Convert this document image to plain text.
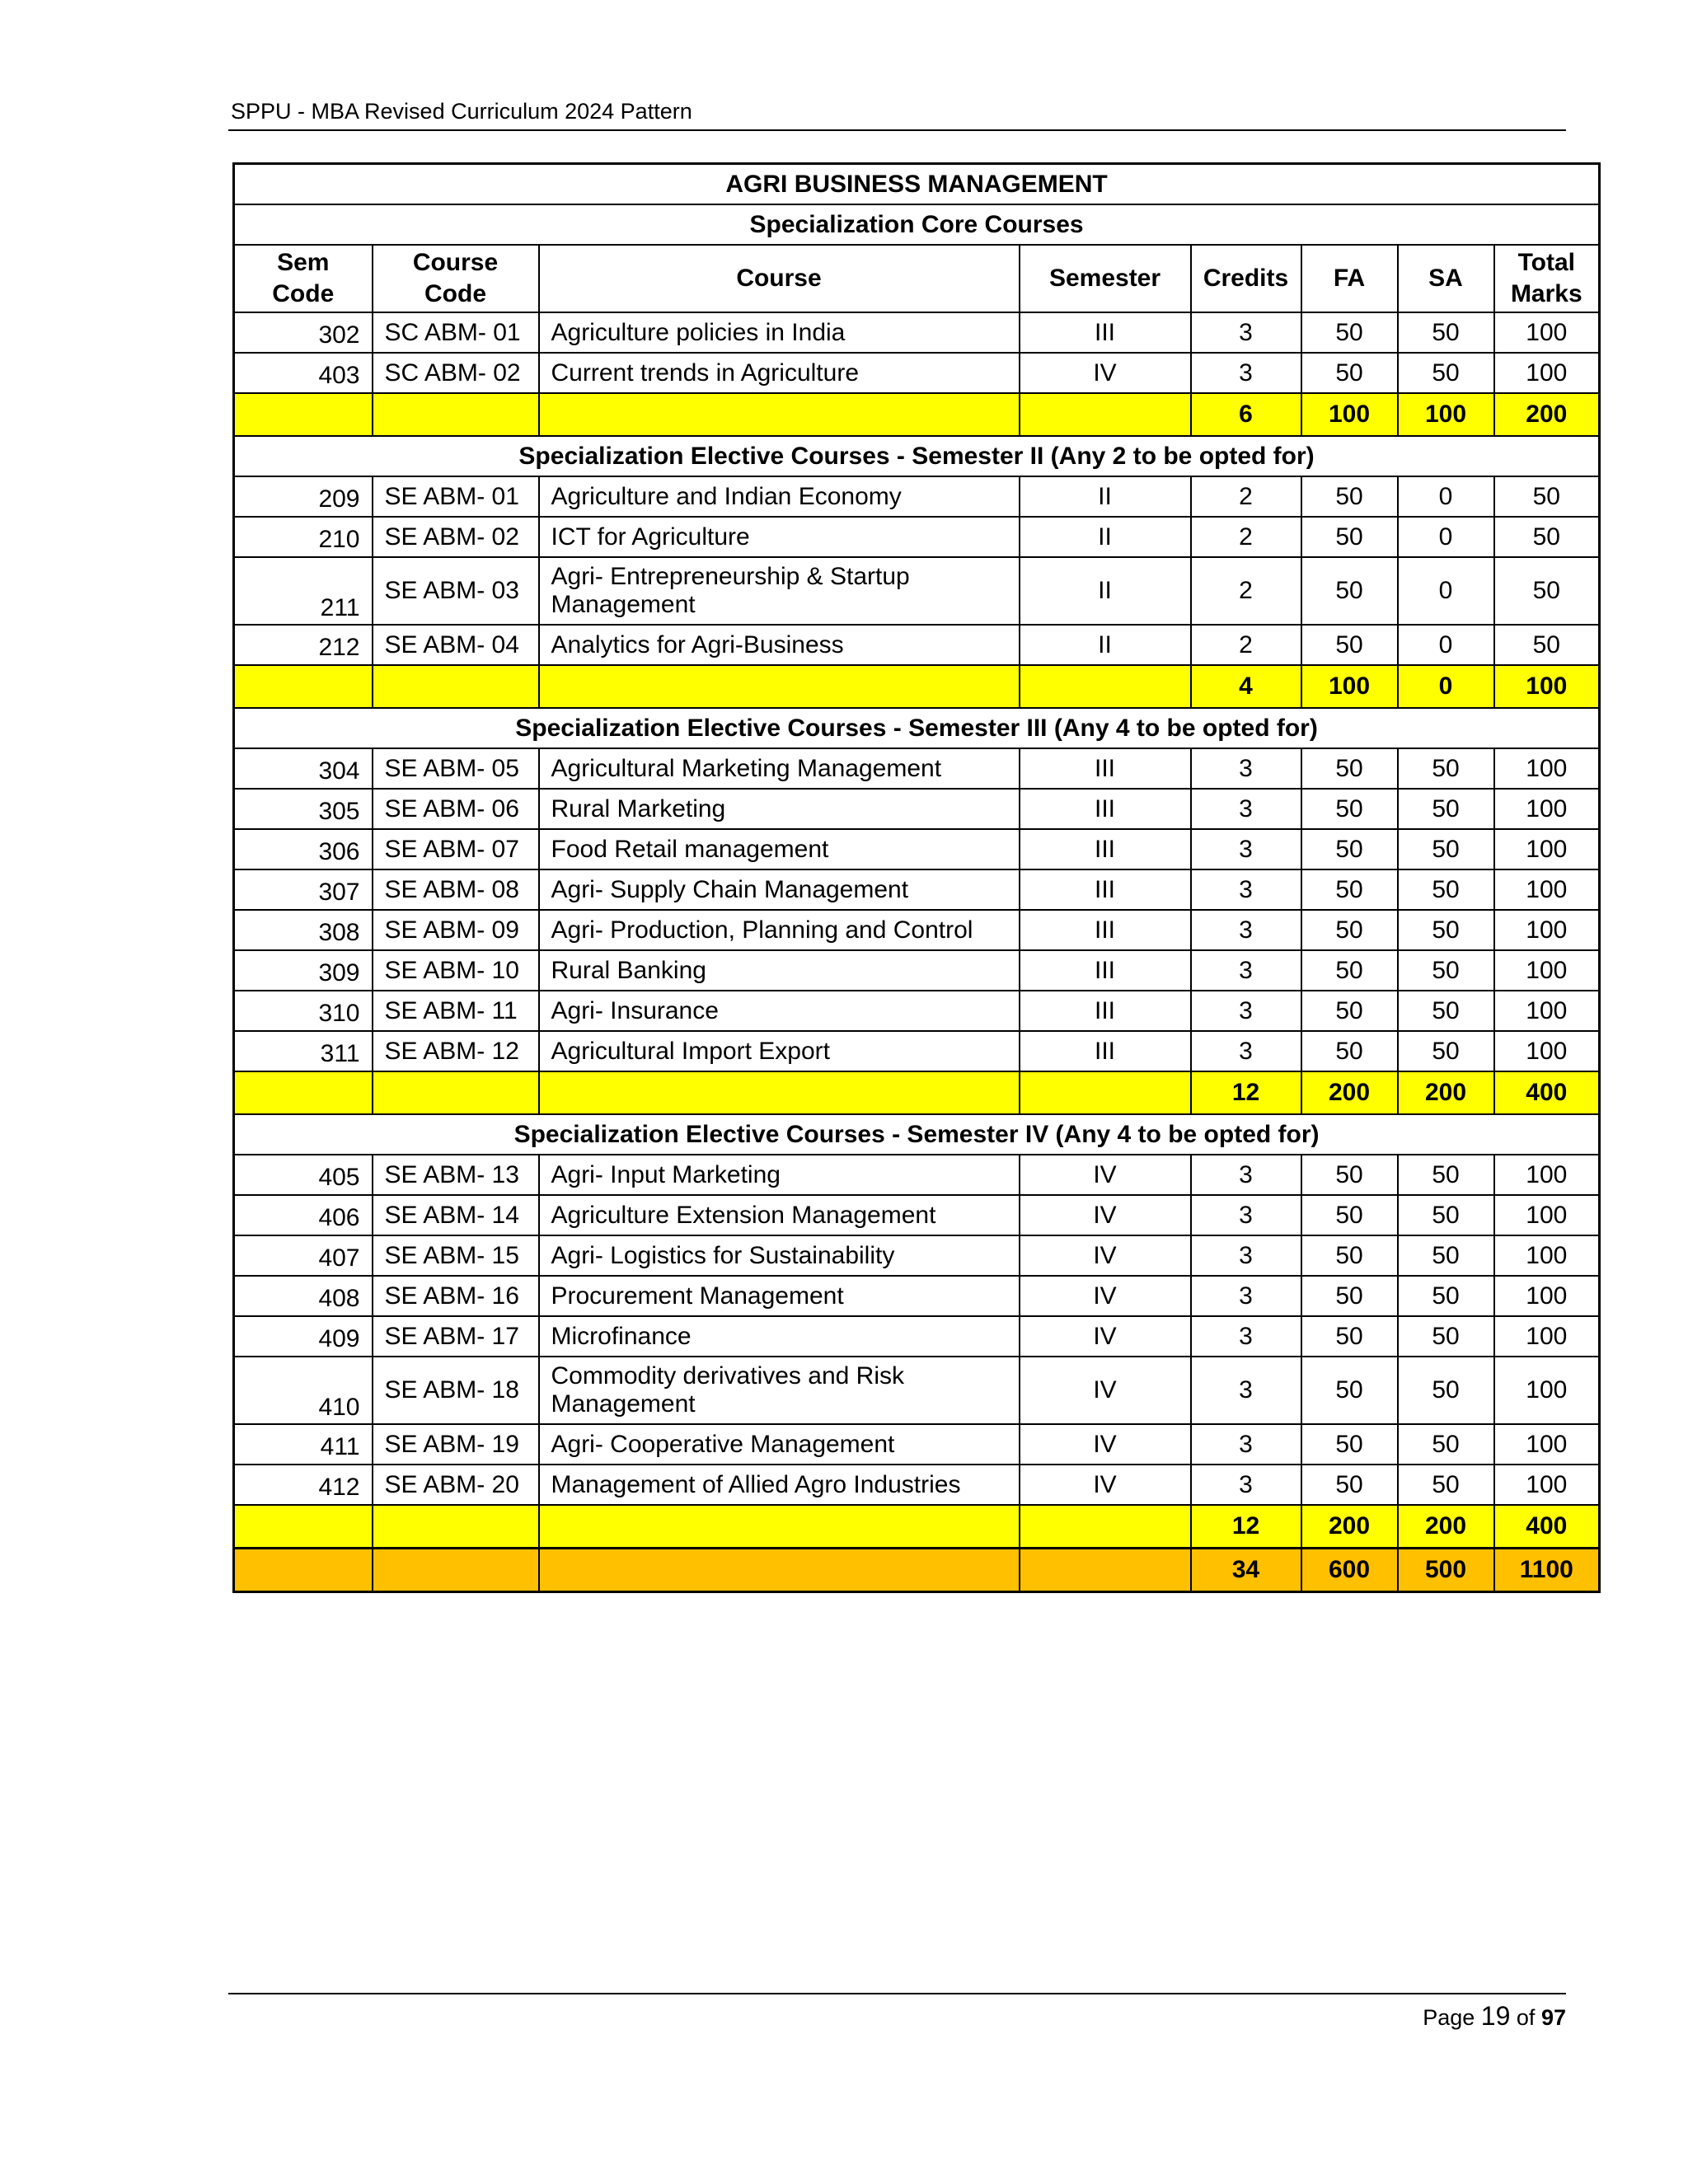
SPPU - MBA Revised Curriculum 2024 Pattern
AGRI BUSINESS MANAGEMENT							
Specialization Core Courses							
Sem Code	Course Code	Course	Semester	Credits	FA	SA	Total Marks
302	SC ABM- 01	Agriculture policies in India	III	3	50	50	100
403	SC ABM- 02	Current trends in Agriculture	IV	3	50	50	100
				6	100	100	200
Specialization Elective Courses - Semester II (Any 2 to be opted for)							
209	SE ABM- 01	Agriculture and Indian Economy	II	2	50	0	50
210	SE ABM- 02	ICT for Agriculture	II	2	50	0	50
211	SE ABM- 03	Agri- Entrepreneurship & Startup Management	II	2	50	0	50
212	SE ABM- 04	Analytics for Agri-Business	II	2	50	0	50
				4	100	0	100
Specialization Elective Courses - Semester III (Any 4 to be opted for)							
304	SE ABM- 05	Agricultural Marketing Management	III	3	50	50	100
305	SE ABM- 06	Rural Marketing	III	3	50	50	100
306	SE ABM- 07	Food Retail management	III	3	50	50	100
307	SE ABM- 08	Agri- Supply Chain Management	III	3	50	50	100
308	SE ABM- 09	Agri- Production, Planning and Control	III	3	50	50	100
309	SE ABM- 10	Rural Banking	III	3	50	50	100
310	SE ABM- 11	Agri- Insurance	III	3	50	50	100
311	SE ABM- 12	Agricultural Import Export	III	3	50	50	100
				12	200	200	400
Specialization Elective Courses - Semester IV (Any 4 to be opted for)							
405	SE ABM- 13	Agri- Input Marketing	IV	3	50	50	100
406	SE ABM- 14	Agriculture Extension Management	IV	3	50	50	100
407	SE ABM- 15	Agri- Logistics for Sustainability	IV	3	50	50	100
408	SE ABM- 16	Procurement Management	IV	3	50	50	100
409	SE ABM- 17	Microfinance	IV	3	50	50	100
410	SE ABM- 18	Commodity derivatives and Risk Management	IV	3	50	50	100
411	SE ABM- 19	Agri- Cooperative Management	IV	3	50	50	100
412	SE ABM- 20	Management of Allied Agro Industries	IV	3	50	50	100
				12	200	200	400
				34	600	500	1100
Page 19 of 97
